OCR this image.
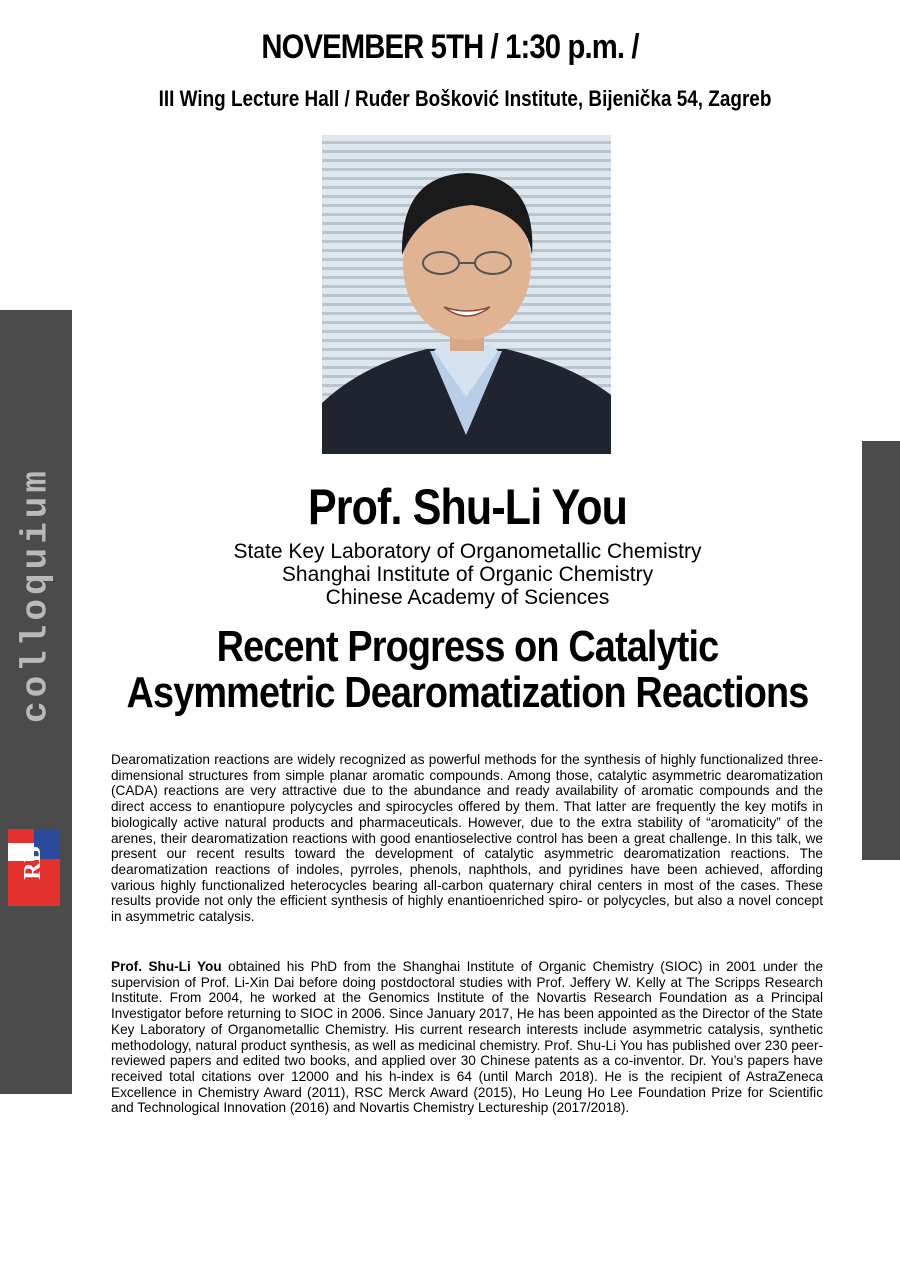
NOVEMBER 5TH / 1:30 p.m. /
III Wing Lecture Hall / Ruđer Bošković Institute, Bijenička 54, Zagreb
Prof. Shu-Li You
State Key Laboratory of Organometallic Chemistry
Shanghai Institute of Organic Chemistry
Chinese Academy of Sciences
Recent Progress on Catalytic
Asymmetric Dearomatization Reactions

Dearomatization reactions are widely recognized as powerful methods for the synthesis of highly functionalized three-dimensional structures from simple planar aromatic compounds. Among those, catalytic asymmetric dearomatization (CADA) reactions are very attractive due to the abundance and ready availability of aromatic compounds and the direct access to enantiopure polycycles and spirocycles offered by them. That latter are frequently the key motifs in biologically active natural products and pharmaceuticals. However, due to the extra stability of “aromaticity” of the arenes, their dearomatization reactions with good enantioselective control has been a great challenge. In this talk, we present our recent results toward the development of catalytic asymmetric dearomatization reactions. The dearomatization reactions of indoles, pyrroles, phenols, naphthols, and pyridines have been achieved, affording various highly functionalized heterocycles bearing all-carbon quaternary chiral centers in most of the cases. These results provide not only the efficient synthesis of highly enantioenriched spiro- or polycycles, but also a novel concept in asymmetric catalysis.

Prof. Shu-Li You obtained his PhD from the Shanghai Institute of Organic Chemistry (SIOC) in 2001 under the supervision of Prof. Li-Xin Dai before doing postdoctoral studies with Prof. Jeffery W. Kelly at The Scripps Research Institute. From 2004, he worked at the Genomics Institute of the Novartis Research Foundation as a Principal Investigator before returning to SIOC in 2006. Since January 2017, He has been appointed as the Director of the State Key Laboratory of Organometallic Chemistry. His current research interests include asymmetric catalysis, synthetic methodology, natural product synthesis, as well as medicinal chemistry. Prof. Shu-Li You has published over 230 peer-reviewed papers and edited two books, and applied over 30 Chinese patents as a co-inventor. Dr. You’s papers have received total citations over 12000 and his h-index is 64 (until March 2018). He is the recipient of AstraZeneca Excellence in Chemistry Award (2011), RSC Merck Award (2015), Ho Leung Ho Lee Foundation Prize for Scientific and Technological Innovation (2016) and Novartis Chemistry Lectureship (2017/2018).

colloquium
RB
